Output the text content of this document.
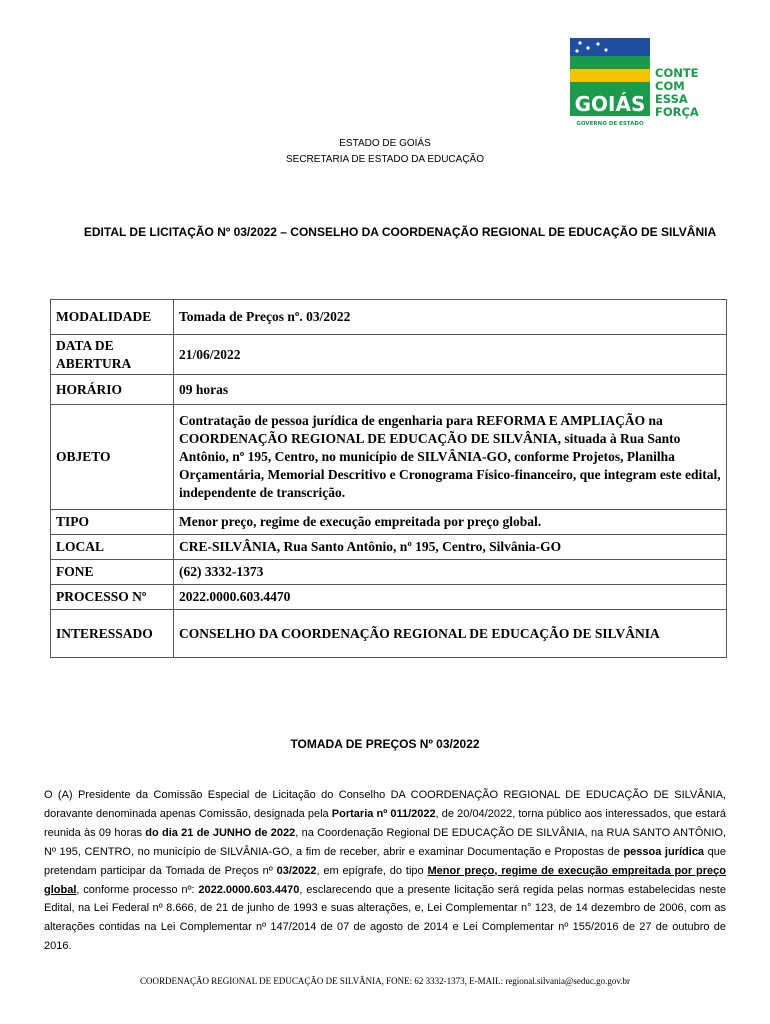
GOIÁS
CONTE
COM
ESSA
FORÇA
GOVERNO DE ESTADO
ESTADO DE GOIÁS
SECRETARIA DE ESTADO DA EDUCAÇÃO
EDITAL DE LICITAÇÃO Nº 03/2022 – CONSELHO DA COORDENAÇÃO REGIONAL DE EDUCAÇÃO DE SILVÂNIA
MODALIDADE	Tomada de Preços nº. 03/2022
DATA DE ABERTURA	21/06/2022
HORÁRIO	09 horas
OBJETO	Contratação de pessoa jurídica de engenharia para REFORMA E AMPLIAÇÃO na COORDENAÇÃO REGIONAL DE EDUCAÇÃO DE SILVÂNIA, situada à Rua Santo Antônio, nº 195, Centro, no município de SILVÂNIA-GO, conforme Projetos, Planilha Orçamentária, Memorial Descritivo e Cronograma Físico-financeiro, que integram este edital, independente de transcrição.
TIPO	Menor preço, regime de execução empreitada por preço global.
LOCAL	CRE-SILVÂNIA, Rua Santo Antônio, nº 195, Centro, Silvânia-GO
FONE	(62) 3332-1373
PROCESSO Nº	2022.0000.603.4470
INTERESSADO	CONSELHO DA COORDENAÇÃO REGIONAL DE EDUCAÇÃO DE SILVÂNIA
TOMADA DE PREÇOS Nº 03/2022
O (A) Presidente da Comissão Especial de Licitação do Conselho DA COORDENAÇÃO REGIONAL DE EDUCAÇÃO DE SILVÂNIA, doravante denominada apenas Comissão, designada pela Portaria nº 011/2022, de 20/04/2022, torna público aos interessados, que estará reunida às 09 horas do dia 21 de JUNHO de 2022, na Coordenação Regional DE EDUCAÇÃO DE SILVÂNIA, na RUA SANTO ANTÔNIO, Nº 195, CENTRO, no município de SILVÂNIA-GO, a fim de receber, abrir e examinar Documentação e Propostas de pessoa jurídica que pretendam participar da Tomada de Preços nº 03/2022, em epígrafe, do tipo Menor preço, regime de execução empreitada por preço global, conforme processo nº: 2022.0000.603.4470, esclarecendo que a presente licitação será regida pelas normas estabelecidas neste Edital, na Lei Federal nº 8.666, de 21 de junho de 1993 e suas alterações, e, Lei Complementar n° 123, de 14 dezembro de 2006, com as alterações contidas na Lei Complementar nº 147/2014 de 07 de agosto de 2014 e Lei Complementar nº 155/2016 de 27 de outubro de 2016.
COORDENAÇÃO REGIONAL DE EDUCAÇÃO DE SILVÂNIA, FONE: 62 3332-1373, E-MAIL: regional.silvania@seduc.go.gov.br
